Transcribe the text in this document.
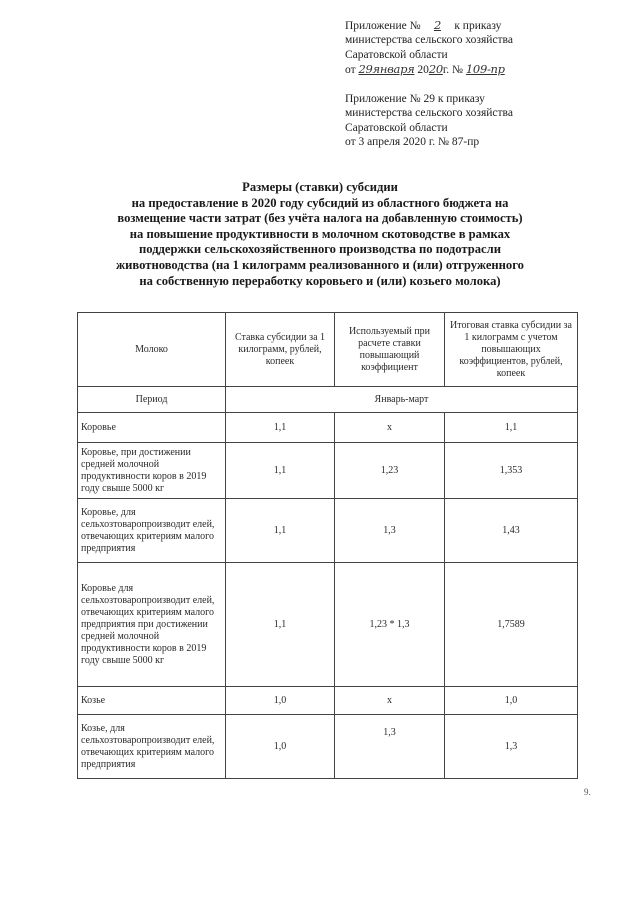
Приложение № 2 к приказу
министерства сельского хозяйства
Саратовской области
от 29января 2020г. № 109-пр
Приложение № 29 к приказу
министерства сельского хозяйства
Саратовской области
от 3 апреля 2020 г. № 87-пр
Размеры (ставки) субсидии
на предоставление в 2020 году субсидий из областного бюджета на
возмещение части затрат (без учёта налога на добавленную стоимость)
на повышение продуктивности в молочном скотоводстве в рамках
поддержки сельскохозяйственного производства по подотрасли
животноводства (на 1 килограмм реализованного и (или) отгруженного
на собственную переработку коровьего и (или) козьего молока)
Молоко	Ставка субсидии за 1 килограмм, рублей, копеек	Используемый при расчете ставки повышающий коэффициент	Итоговая ставка субсидии за 1 килограмм с учетом повышающих коэффициентов, рублей, копеек
Период	Январь-март		
Коровье	1,1	х	1,1
Коровье, при достижении средней молочной продуктивности коров в 2019 году свыше 5000 кг	1,1	1,23	1,353
Коровье, для сельхозтоваропроизводит елей, отвечающих критериям малого предприятия	1,1	1,3	1,43
Коровье для сельхозтоваропроизводит елей, отвечающих критериям малого предприятия при достижении средней молочной продуктивности коров в 2019 году свыше 5000 кг	1,1	1,23 * 1,3	1,7589
Козье	1,0	х	1,0
Козье, для сельхозтоваропроизводит елей, отвечающих критериям малого предприятия	1,0	1,3	1,3
9.
